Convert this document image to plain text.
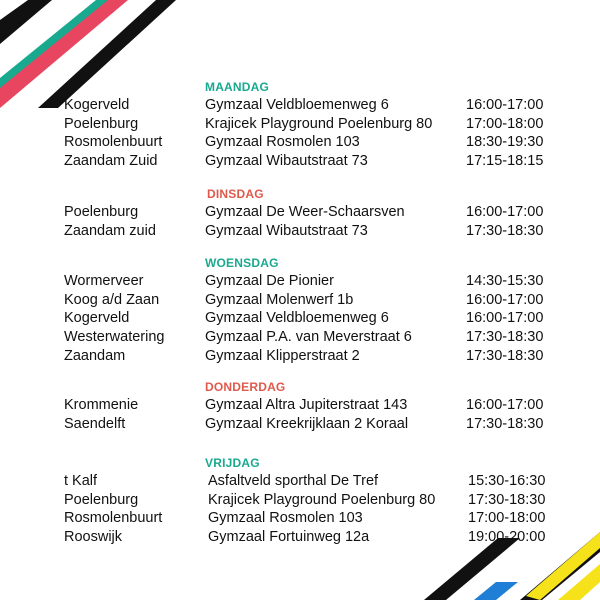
MAANDAG
Kogerveld	Gymzaal Veldbloemenweg 6	16:00-17:00
Poelenburg	Krajicek Playground Poelenburg 80 17:00-18:00
Rosmolenbuurt	Gymzaal Rosmolen 103	18:30-19:30
Zaandam Zuid	Gymzaal Wibautstraat 73	17:15-18:15
DINSDAG
Poelenburg	Gymzaal De Weer-Schaarsven	16:00-17:00
Zaandam zuid	Gymzaal Wibautstraat 73	17:30-18:30
WOENSDAG
Wormerveer	Gymzaal De Pionier	14:30-15:30
Koog a/d Zaan	Gymzaal Molenwerf 1b	16:00-17:00
Kogerveld	Gymzaal Veldbloemenweg 6	16:00-17:00
Westerwatering	Gymzaal P.A. van Meverstraat 6	17:30-18:30
Zaandam	Gymzaal Klipperstraat 2	17:30-18:30
DONDERDAG
Krommenie	Gymzaal Altra Jupiterstraat 143	16:00-17:00
Saendelft	Gymzaal Kreekrijklaan 2 Koraal	17:30-18:30
VRIJDAG
t Kalf	Asfaltveld sporthal De Tref	15:30-16:30
Poelenburg	Krajicek Playground Poelenburg 80 17:30-18:30
Rosmolenbuurt	Gymzaal Rosmolen 103	17:00-18:00
Rooswijk	Gymzaal Fortuinweg 12a	19:00-20:00
